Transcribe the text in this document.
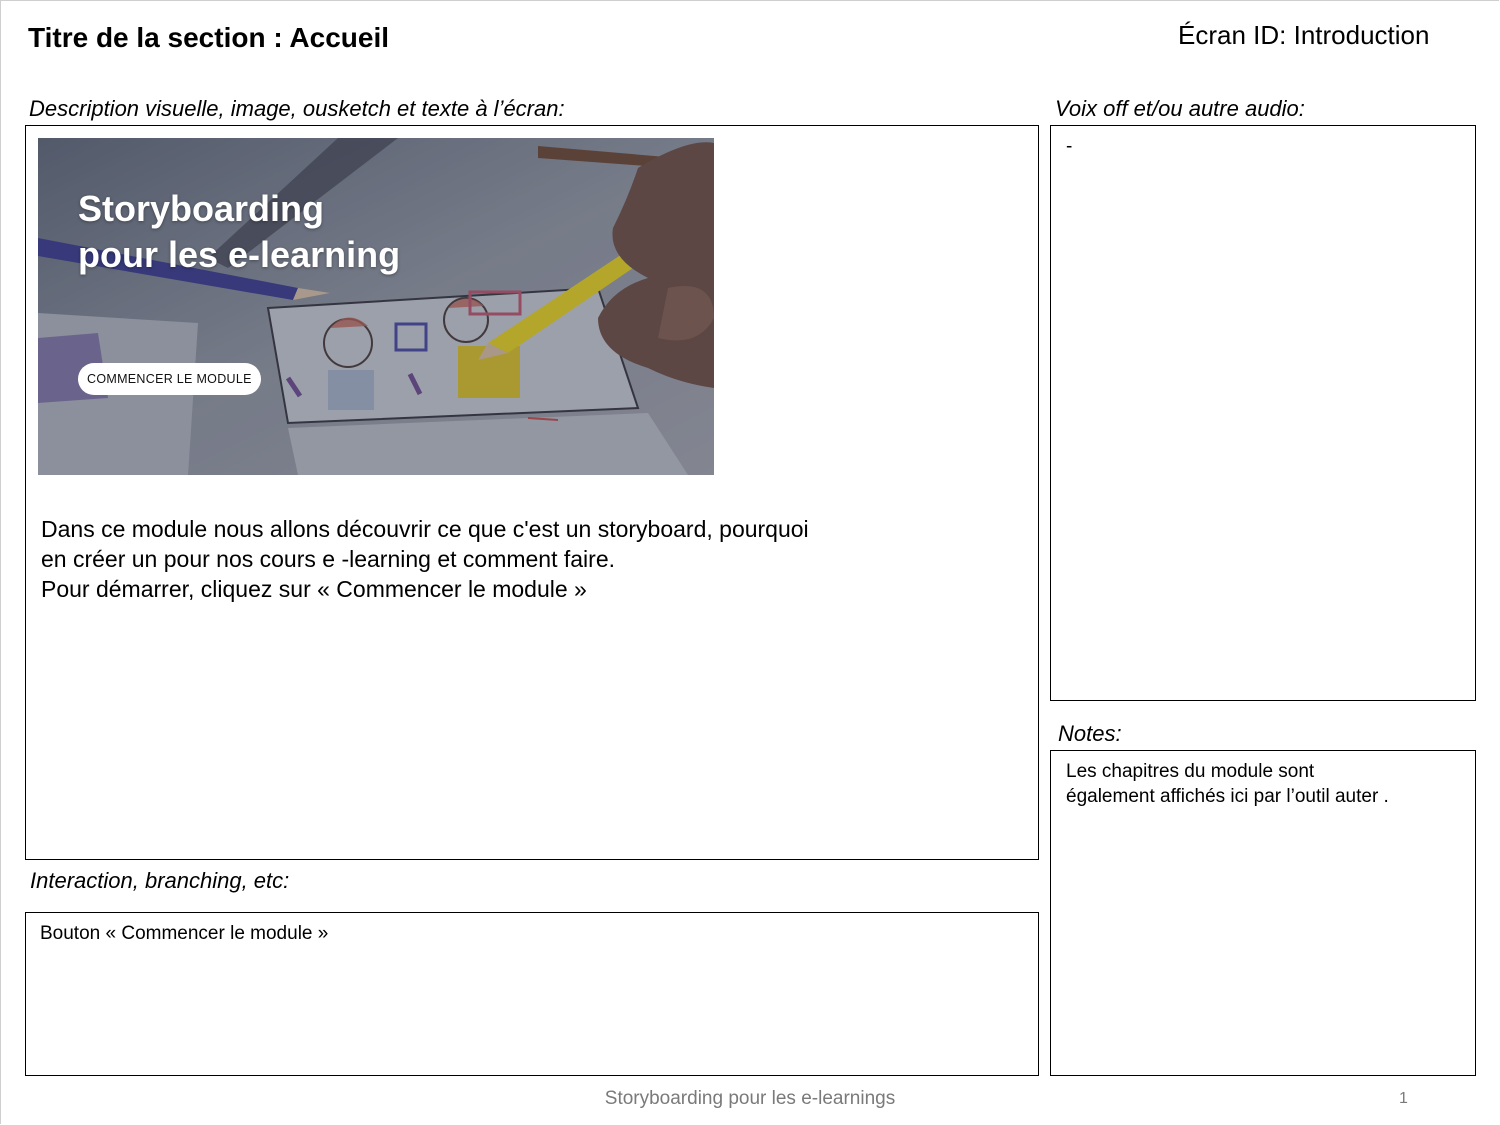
Titre de la section : Accueil	Écran ID: Introduction
Description visuelle, image, ousketch et texte à l’écran:
Storyboarding
pour les e-learning
COMMENCER LE MODULE
Dans ce module nous allons découvrir ce que c'est un storyboard, pourquoi
en créer un pour nos cours e -learning et comment faire.
Pour démarrer, cliquez sur « Commencer le module »
Voix off et/ou autre audio:
-
Notes:
Les chapitres du module sont
également affichés ici par l’outil auter .
Interaction, branching, etc:
Bouton « Commencer le module »
Storyboarding pour les e-learnings	1
